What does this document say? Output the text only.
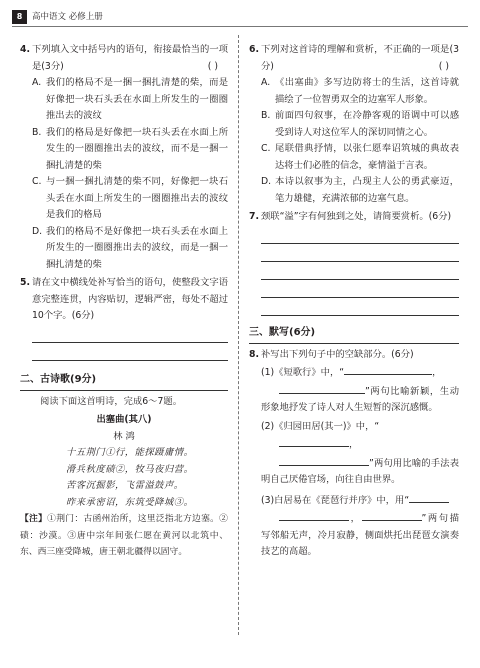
8	高中语文 必修上册
4. 下列填入文中括号内的语句，衔接最恰当的一项是(3分)	( )
A. 我们的格局不是一捆一捆扎清楚的柴，而是好像把一块石头丢在水面上所发生的一圈圈推出去的波纹
B. 我们的格局是好像把一块石头丢在水面上所发生的一圈圈推出去的波纹，而不是一捆一捆扎清楚的柴
C. 与一捆一捆扎清楚的柴不同，好像把一块石头丢在水面上所发生的一圈圈推出去的波纹是我们的格局
D. 我们的格局不是好像把一块石头丢在水面上所发生的一圈圈推出去的波纹，而是一捆一捆扎清楚的柴
5. 请在文中横线处补写恰当的语句，使整段文字语意完整连贯，内容贴切，逻辑严密，每处不超过10个字。(6分)
二、古诗歌(9分)
阅读下面这首明诗，完成6～7题。
出塞曲(其八)
林 鸿
十五荆门①行，能探蹑庸情。
滑兵秋度碛②，牧马夜归营。
苦客沉掘影，飞雷溢鼓声。
昨来承密诏，东筑受降城③。
【注】①荆门：古函州治所，这里泛指北方边塞。②碛：沙漠。③唐中宗年间张仁愿在黄河以北筑中、东、西三座受降城，唐王朝北疆得以固守。
6. 下列对这首诗的理解和赏析，不正确的一项是(3分)	( )
A. 《出塞曲》多写边防将士的生活，这首诗就描绘了一位智勇双全的边塞军人形象。
B. 前面四句叙事，在冷静客观的语调中可以感受到诗人对这位军人的深切同情之心。
C. 尾联借典抒情，以张仁愿奉诏筑城的典故表达将士们必胜的信念，豪情溢于言表。
D. 本诗以叙事为主，凸现主人公的勇武豪迈，笔力雄健，充满浓郁的边塞气息。
7. 颈联“溢”字有何独到之处，请简要赏析。(6分)
三、默写(6分)
8. 补写出下列句子中的空缺部分。(6分)
(1)《短歌行》中，“	，
”两句比喻新颖，生动形象地抒发了诗人对人生短暂的深沉感慨。
(2)《归园田居(其一)》中，“
，
”两句用比喻的手法表明自己厌倦官场，向往自由世界。
(3)白居易在《琵琶行并序》中，用“
，	”两句描写邻船无声，冷月寂静，侧面烘托出琵琶女演奏技艺的高超。
